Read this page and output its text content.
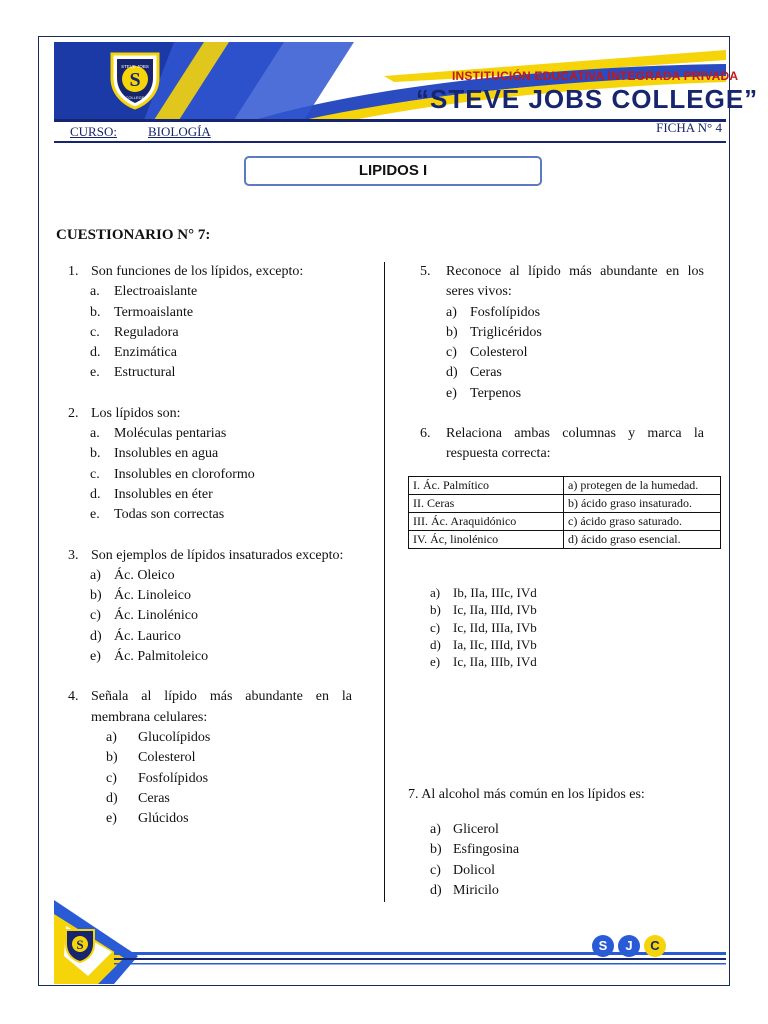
S
STEVE JOBS
COLLEGE
INSTITUCIÓN EDUCATIVA INTEGRADA PRIVADA
“STEVE JOBS COLLEGE”
CURSO: BIOLOGÍA	FICHA N° 4
LIPIDOS I
CUESTIONARIO N° 7:
1. Son funciones de los lípidos, excepto:
a. Electroaislante
b. Termoaislante
c. Reguladora
d. Enzimática
e. Estructural
2. Los lípidos son:
a. Moléculas pentarias
b. Insolubles en agua
c. Insolubles en cloroformo
d. Insolubles en éter
e. Todas son correctas
3. Son ejemplos de lípidos insaturados excepto:
a) Ác. Oleico
b) Ác. Linoleico
c) Ác. Linolénico
d) Ác. Laurico
e) Ác. Palmitoleico
4. Señala al lípido más abundante en la membrana celulares:
a) Glucolípidos
b) Colesterol
c) Fosfolípidos
d) Ceras
e) Glúcidos
5. Reconoce al lípido más abundante en los seres vivos:
a) Fosfolípidos
b) Triglicéridos
c) Colesterol
d) Ceras
e) Terpenos
6. Relaciona ambas columnas y marca la respuesta correcta:
I. Ác. Palmítico	a) protegen de la humedad.
II. Ceras	b) ácido graso insaturado.
III. Ác. Araquidónico	c) ácido graso saturado.
IV. Ác, linolénico	d) ácido graso esencial.
a) Ib, IIa, IIIc, IVd
b) Ic, IIa, IIId, IVb
c) Ic, IId, IIIa, IVb
d) Ia, IIc, IIId, IVb
e) Ic, IIa, IIIb, IVd
7. Al alcohol más común en los lípidos es:
a) Glicerol
b) Esfingosina
c) Dolicol
d) Miricilo
S	S	J	C
